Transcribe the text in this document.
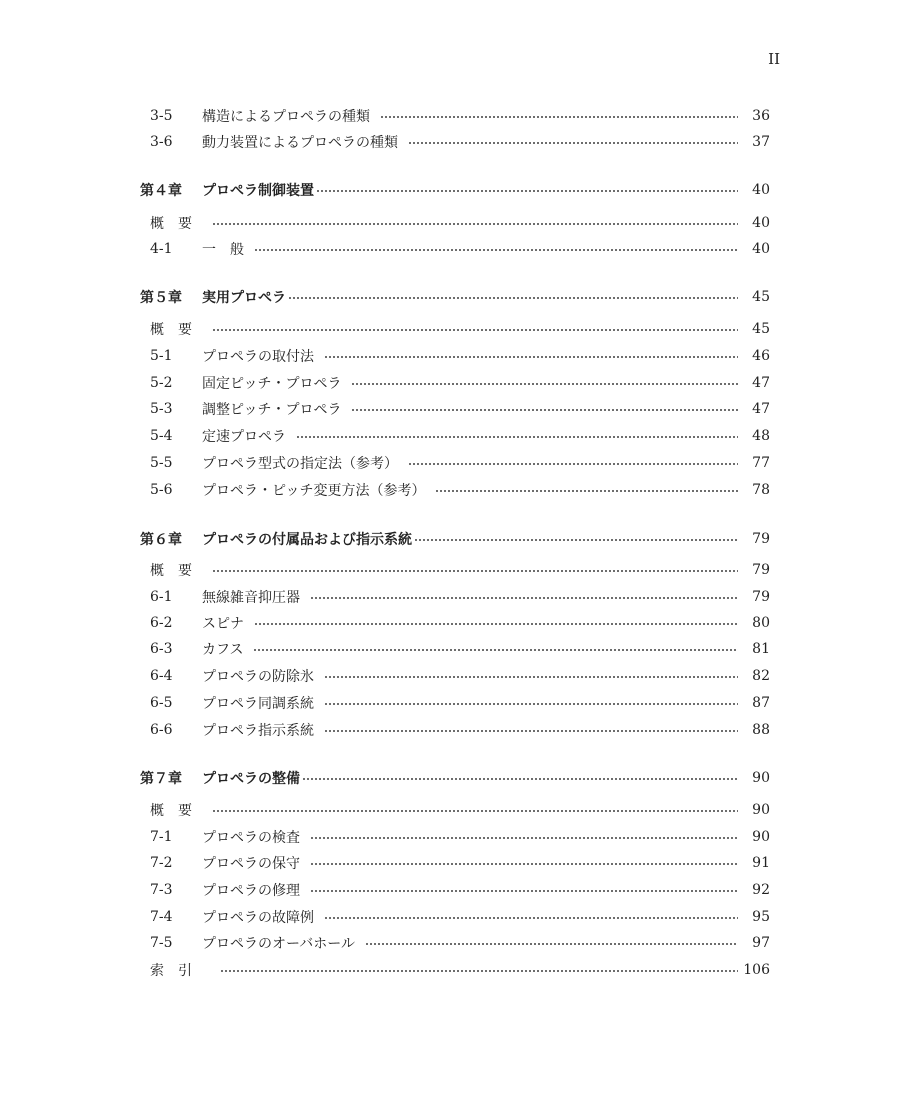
II
3‐5	構造によるプロペラの種類	36
3‐6	動力装置によるプロペラの種類	37
第４章	プロペラ制御装置	40
概　要	40
4‐1	一　般	40
第５章	実用プロペラ	45
概　要	45
5‐1	プロペラの取付法	46
5‐2	固定ピッチ・プロペラ	47
5‐3	調整ピッチ・プロペラ	47
5‐4	定速プロペラ	48
5‐5	プロペラ型式の指定法（参考）	77
5‐6	プロペラ・ピッチ変更方法（参考）	78
第６章	プロペラの付属品および指示系統	79
概　要	79
6‐1	無線雑音抑圧器	79
6‐2	スピナ	80
6‐3	カフス	81
6‐4	プロペラの防除氷	82
6‐5	プロペラ同調系統	87
6‐6	プロペラ指示系統	88
第７章	プロペラの整備	90
概　要	90
7‐1	プロペラの検査	90
7‐2	プロペラの保守	91
7‐3	プロペラの修理	92
7‐4	プロペラの故障例	95
7‐5	プロペラのオーバホール	97
索　引	106
